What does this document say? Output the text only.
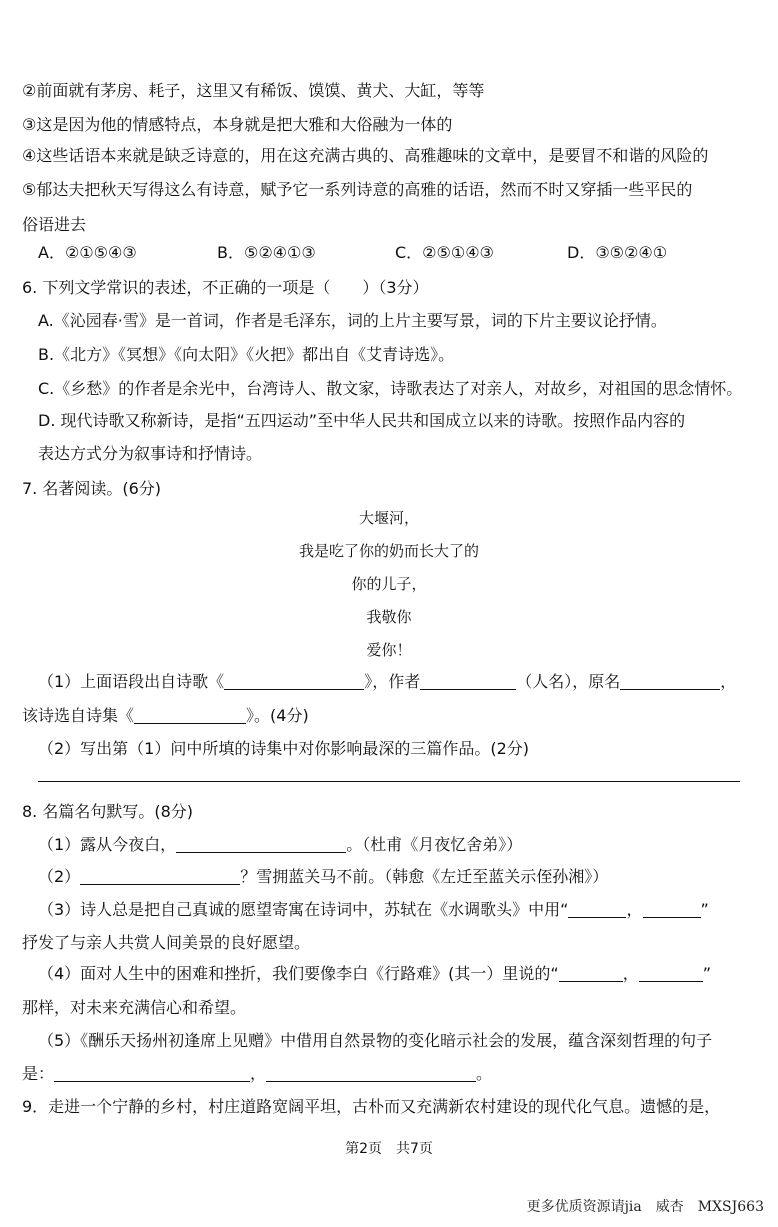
②前面就有茅房、耗子，这里又有稀饭、馍馍、黄犬、大缸，等等
③这是因为他的情感特点，本身就是把大雅和大俗融为一体的
④这些话语本来就是缺乏诗意的，用在这充满古典的、高雅趣味的文章中，是要冒不和谐的风险的
⑤郁达夫把秋天写得这么有诗意，赋予它一系列诗意的高雅的话语，然而不时又穿插一些平民的
俗语进去
A．②①⑤④③	B．⑤②④①③	C．②⑤①④③	D．③⑤②④①
6. 下列文学常识的表述，不正确的一项是（　　）（3分）
A.《沁园春·雪》是一首词，作者是毛泽东，词的上片主要写景，词的下片主要议论抒情。
B.《北方》《冥想》《向太阳》《火把》都出自《艾青诗选》。
C.《乡愁》的作者是余光中，台湾诗人、散文家，诗歌表达了对亲人，对故乡，对祖国的思念情怀。
D. 现代诗歌又称新诗，是指“五四运动”至中华人民共和国成立以来的诗歌。按照作品内容的
表达方式分为叙事诗和抒情诗。
7. 名著阅读。(6分)
大堰河，
我是吃了你的奶而长大了的
你的儿子，
我敬你
爱你！
（1）上面语段出自诗歌《	》，作者	（人名），原名	，
该诗选自诗集《	》。(4分)
（2）写出第（1）问中所填的诗集中对你影响最深的三篇作品。(2分)
8. 名篇名句默写。(8分)
（1）露从今夜白，	。（杜甫《月夜忆舍弟》）
（2）	？雪拥蓝关马不前。（韩愈《左迁至蓝关示侄孙湘》）
（3）诗人总是把自己真诚的愿望寄寓在诗词中，苏轼在《水调歌头》中用“	，	”
抒发了与亲人共赏人间美景的良好愿望。
（4）面对人生中的困难和挫折，我们要像李白《行路难》(其一）里说的“	，	”
那样，对未来充满信心和希望。
（5）《酬乐天扬州初逢席上见赠》中借用自然景物的变化暗示社会的发展，蕴含深刻哲理的句子
是：	，	。
9．走进一个宁静的乡村，村庄道路宽阔平坦，古朴而又充满新农村建设的现代化气息。遗憾的是，
第2页　共7页
更多优质资源请jia　威杏　MXSJ663
